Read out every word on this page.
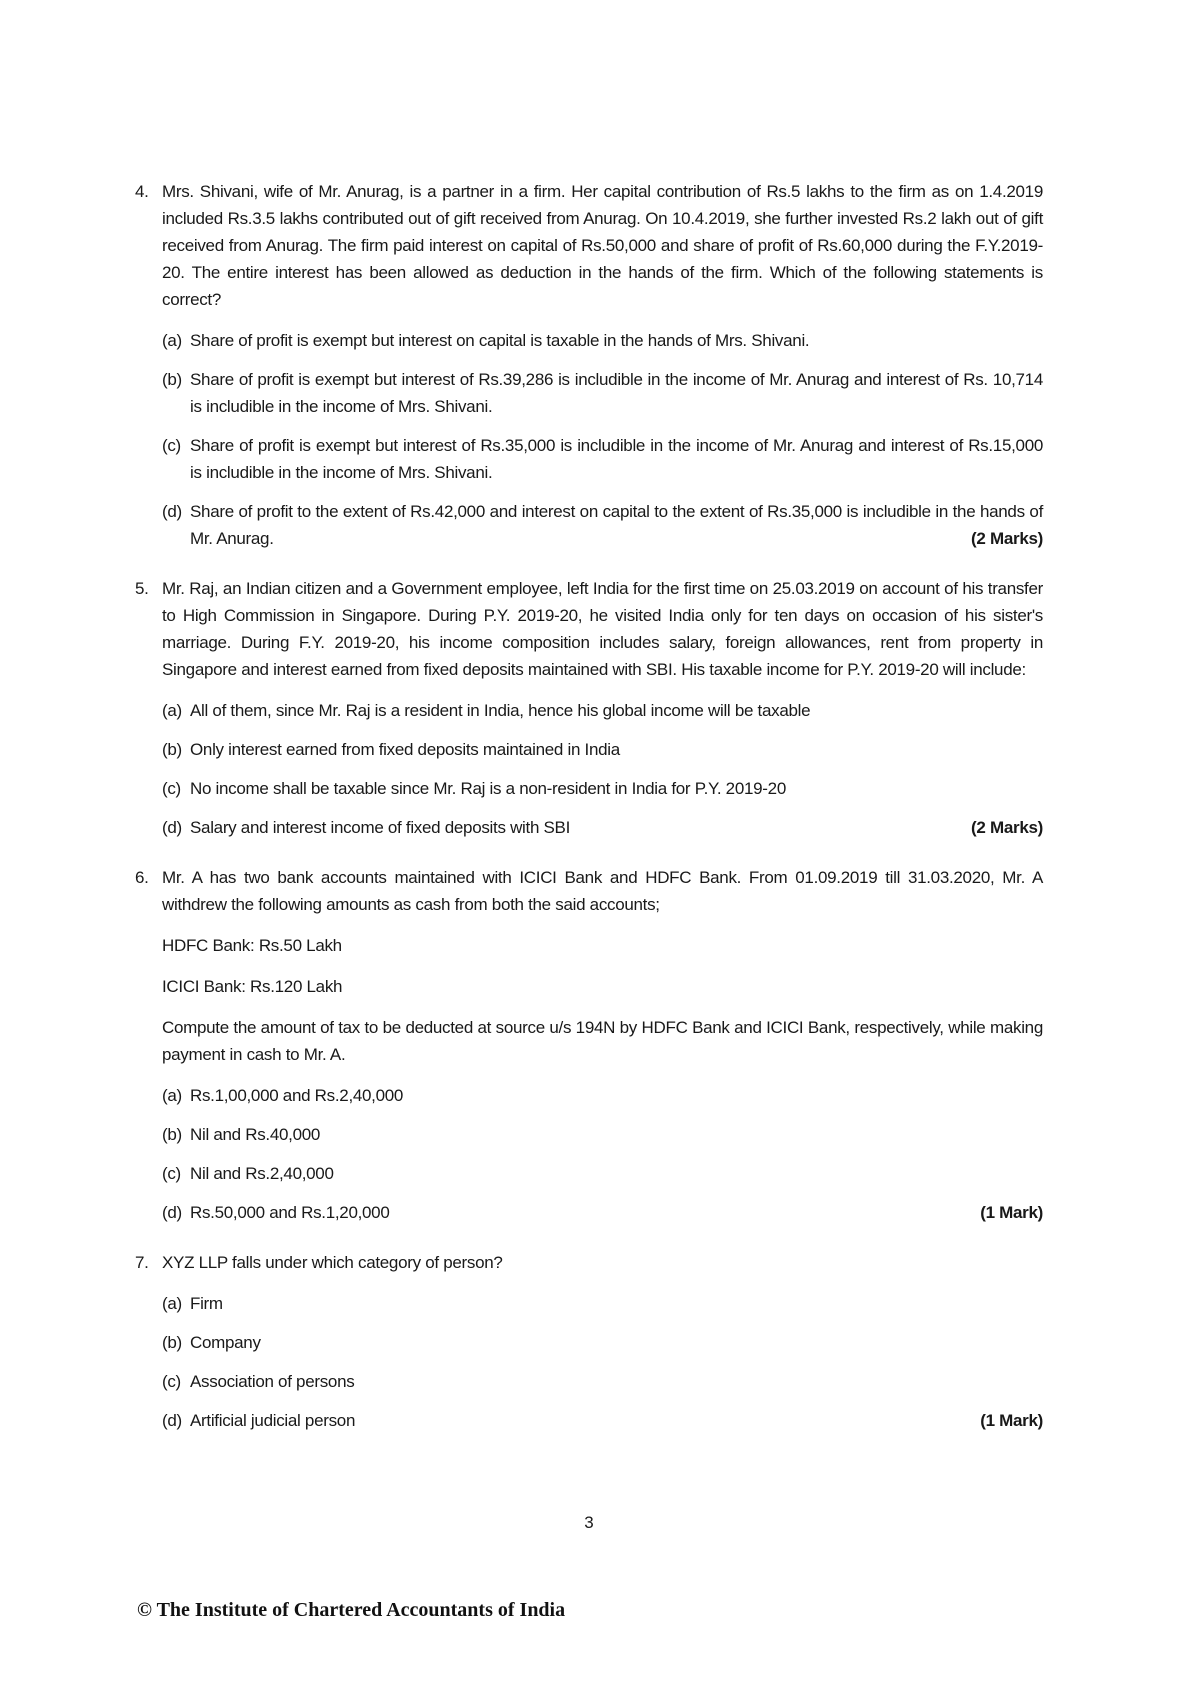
4. Mrs. Shivani, wife of Mr. Anurag, is a partner in a firm. Her capital contribution of Rs.5 lakhs to the firm as on 1.4.2019 included Rs.3.5 lakhs contributed out of gift received from Anurag. On 10.4.2019, she further invested Rs.2 lakh out of gift received from Anurag. The firm paid interest on capital of Rs.50,000 and share of profit of Rs.60,000 during the F.Y.2019-20. The entire interest has been allowed as deduction in the hands of the firm. Which of the following statements is correct?

(a) Share of profit is exempt but interest on capital is taxable in the hands of Mrs. Shivani.
(b) Share of profit is exempt but interest of Rs.39,286 is includible in the income of Mr. Anurag and interest of Rs. 10,714 is includible in the income of Mrs. Shivani.
(c) Share of profit is exempt but interest of Rs.35,000 is includible in the income of Mr. Anurag and interest of Rs.15,000 is includible in the income of Mrs. Shivani.
(d) Share of profit to the extent of Rs.42,000 and interest on capital to the extent of Rs.35,000 is includible in the hands of Mr. Anurag.	(2 Marks)
5. Mr. Raj, an Indian citizen and a Government employee, left India for the first time on 25.03.2019 on account of his transfer to High Commission in Singapore. During P.Y. 2019-20, he visited India only for ten days on occasion of his sister's marriage. During F.Y. 2019-20, his income composition includes salary, foreign allowances, rent from property in Singapore and interest earned from fixed deposits maintained with SBI. His taxable income for P.Y. 2019-20 will include:

(a) All of them, since Mr. Raj is a resident in India, hence his global income will be taxable
(b) Only interest earned from fixed deposits maintained in India
(c) No income shall be taxable since Mr. Raj is a non-resident in India for P.Y. 2019-20
(d) Salary and interest income of fixed deposits with SBI	(2 Marks)
6. Mr. A has two bank accounts maintained with ICICI Bank and HDFC Bank. From 01.09.2019 till 31.03.2020, Mr. A withdrew the following amounts as cash from both the said accounts;

HDFC Bank: Rs.50 Lakh

ICICI Bank: Rs.120 Lakh

Compute the amount of tax to be deducted at source u/s 194N by HDFC Bank and ICICI Bank, respectively, while making payment in cash to Mr. A.

(a) Rs.1,00,000 and Rs.2,40,000
(b) Nil and Rs.40,000
(c) Nil and Rs.2,40,000
(d) Rs.50,000 and Rs.1,20,000	(1 Mark)
7. XYZ LLP falls under which category of person?

(a) Firm
(b) Company
(c) Association of persons
(d) Artificial judicial person	(1 Mark)
3
© The Institute of Chartered Accountants of India
